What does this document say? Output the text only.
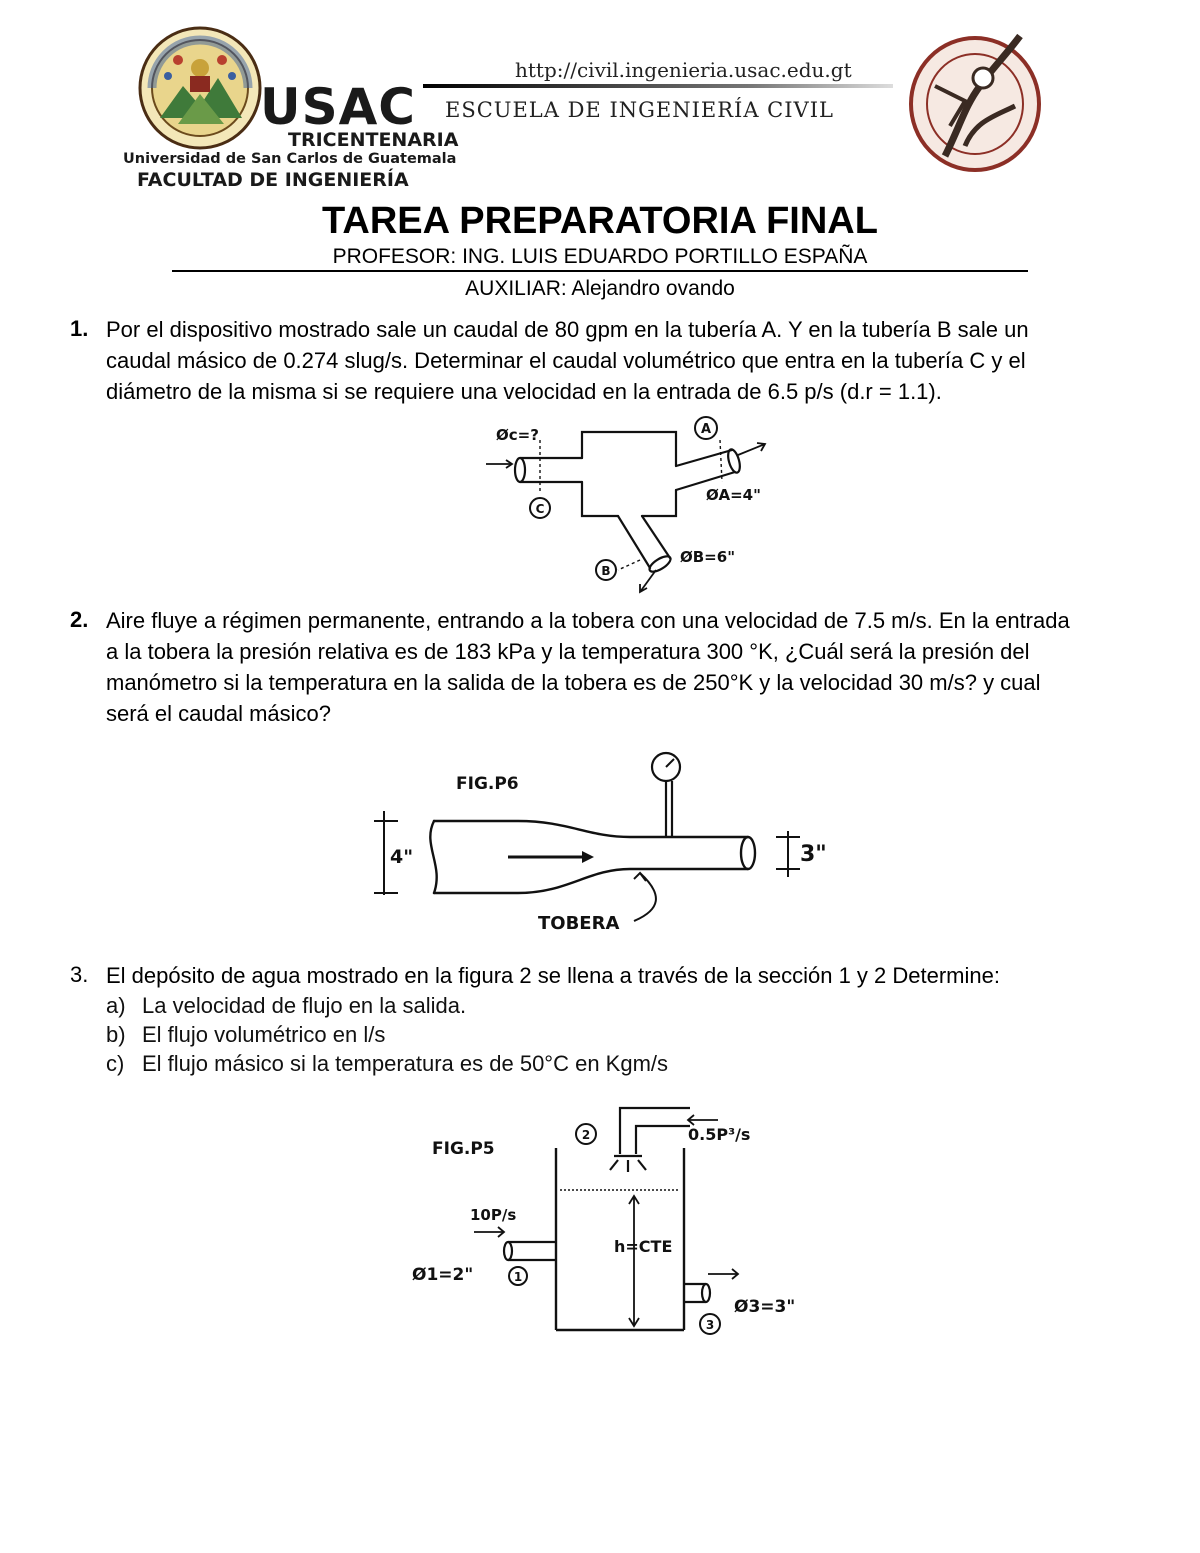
USAC
TRICENTENARIA
Universidad de San Carlos de Guatemala
FACULTAD DE INGENIERÍA
http://civil.ingenieria.usac.edu.gt
ESCUELA DE INGENIERÍA CIVIL
TAREA PREPARATORIA FINAL
PROFESOR: ING. LUIS EDUARDO PORTILLO ESPAÑA
AUXILIAR: Alejandro ovando
1. Por el dispositivo mostrado sale un caudal de 80 gpm en la tubería A. Y en la tubería B sale un
caudal másico de 0.274 slug/s. Determinar el caudal volumétrico que entra en la tubería C y el
diámetro de la misma si se requiere una velocidad en la entrada de 6.5 p/s (d.r = 1.1).
Øc=?	A
C
B
ØA=4"
ØB=6"
2. Aire fluye a régimen permanente, entrando a la tobera con una velocidad de 7.5 m/s. En la entrada
a la tobera la presión relativa es de 183 kPa y la temperatura 300 °K, ¿Cuál será la presión del
manómetro si la temperatura en la salida de la tobera es de 250°K y la velocidad 30 m/s? y cual
será el caudal másico?
FIG.P6
4"	3"
TOBERA
3. El depósito de agua mostrado en la figura 2 se llena a través de la sección 1 y 2 Determine:
a) La velocidad de flujo en la salida.
b) El flujo volumétrico en l/s
c) El flujo másico si la temperatura es de 50°C en Kgm/s
FIG.P5
2	0.5P³/s
10P/s
Ø1=2"	1
h=CTE
3
Ø3=3"
